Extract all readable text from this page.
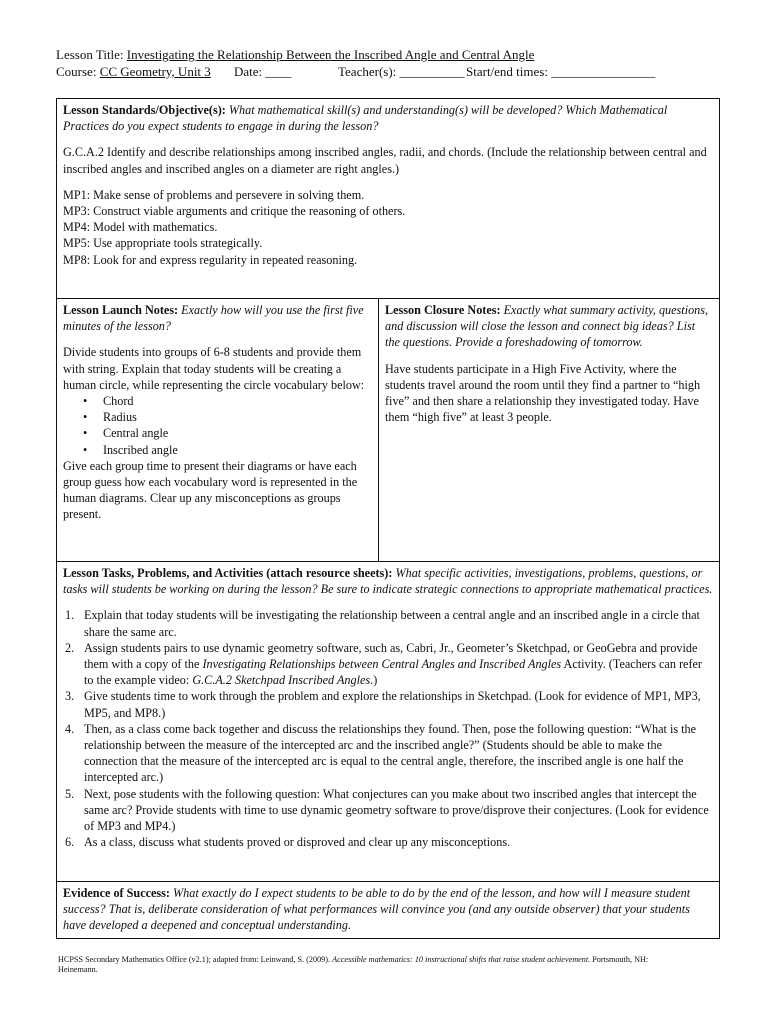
Lesson Title: Investigating the Relationship Between the Inscribed Angle and Central Angle
Course: CC Geometry, Unit 3 Date: ____	Teacher(s): __________Start/end times: ________________

Lesson Standards/Objective(s): What mathematical skill(s) and understanding(s) will be developed? Which Mathematical Practices do you expect students to engage in during the lesson?

G.C.A.2 Identify and describe relationships among inscribed angles, radii, and chords. (Include the relationship between central and inscribed angles and inscribed angles on a diameter are right angles.)

MP1: Make sense of problems and persevere in solving them.

MP3: Construct viable arguments and critique the reasoning of others.

MP4: Model with mathematics.

MP5: Use appropriate tools strategically.

MP8: Look for and express regularity in repeated reasoning.

Lesson Launch Notes: Exactly how will you use the first five minutes of the lesson?

Divide students into groups of 6-8 students and provide them with string. Explain that today students will be creating a human circle, while representing the circle vocabulary below:

• Chord
• Radius
• Central angle
• Inscribed angle

Give each group time to present their diagrams or have each group guess how each vocabulary word is represented in the human diagrams. Clear up any misconceptions as groups present.

Lesson Closure Notes: Exactly what summary activity, questions, and discussion will close the lesson and connect big ideas? List the questions. Provide a foreshadowing of tomorrow.

Have students participate in a High Five Activity, where the students travel around the room until they find a partner to “high five” and then share a relationship they investigated today. Have them “high five” at least 3 people.

Lesson Tasks, Problems, and Activities (attach resource sheets): What specific activities, investigations, problems, questions, or tasks will students be working on during the lesson? Be sure to indicate strategic connections to appropriate mathematical practices.

1. Explain that today students will be investigating the relationship between a central angle and an inscribed angle in a circle that share the same arc.
2. Assign students pairs to use dynamic geometry software, such as, Cabri, Jr., Geometer’s Sketchpad, or GeoGebra and provide them with a copy of the Investigating Relationships between Central Angles and Inscribed Angles Activity. (Teachers can refer to the example video: G.C.A.2 Sketchpad Inscribed Angles.)
3. Give students time to work through the problem and explore the relationships in Sketchpad. (Look for evidence of MP1, MP3, MP5, and MP8.)
4. Then, as a class come back together and discuss the relationships they found. Then, pose the following question: “What is the relationship between the measure of the intercepted arc and the inscribed angle?” (Students should be able to make the connection that the measure of the intercepted arc is equal to the central angle, therefore, the inscribed angle is one half the intercepted arc.)
5. Next, pose students with the following question: What conjectures can you make about two inscribed angles that intercept the same arc? Provide students with time to use dynamic geometry software to prove/disprove their conjectures. (Look for evidence of MP3 and MP4.)
6. As a class, discuss what students proved or disproved and clear up any misconceptions.

Evidence of Success: What exactly do I expect students to be able to do by the end of the lesson, and how will I measure student success? That is, deliberate consideration of what performances will convince you (and any outside observer) that your students have developed a deepened and conceptual understanding.

HCPSS Secondary Mathematics Office (v2.1); adapted from: Leinwand, S. (2009). Accessible mathematics: 10 instructional shifts that raise student achievement. Portsmouth, NH: Heinemann.
